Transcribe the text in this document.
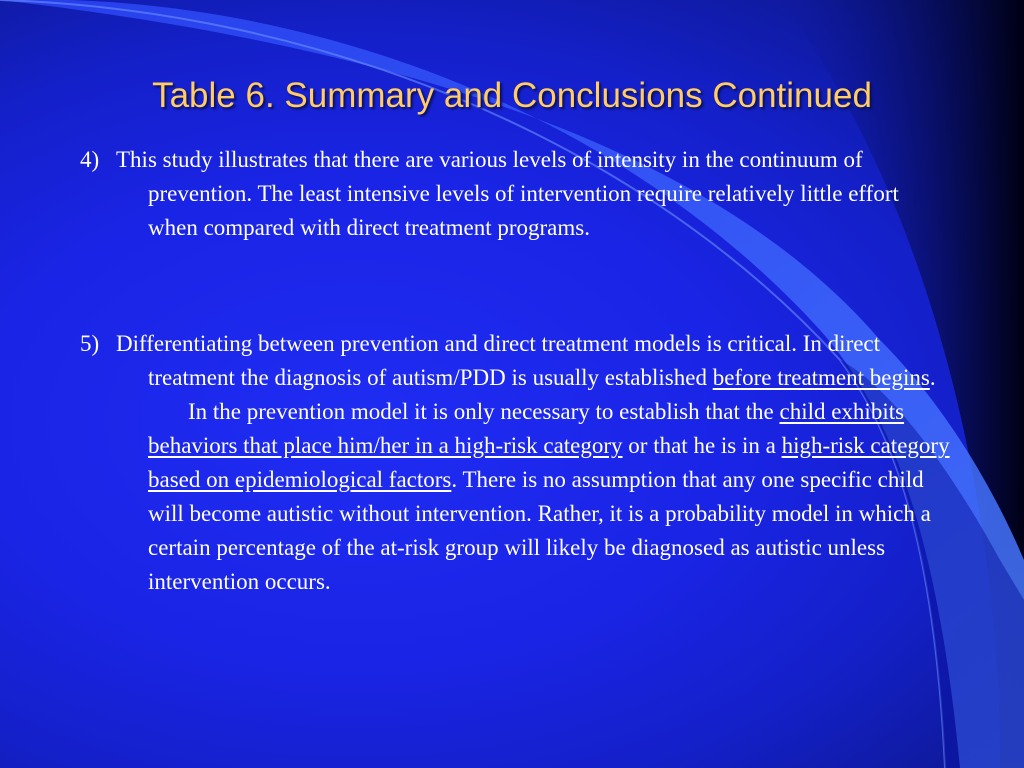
Table 6. Summary and Conclusions Continued

4) This study illustrates that there are various levels of intensity in the continuum of prevention. The least intensive levels of intervention require relatively little effort when compared with direct treatment programs.

5) Differentiating between prevention and direct treatment models is critical. In direct treatment the diagnosis of autism/PDD is usually established before treatment begins.

In the prevention model it is only necessary to establish that the child exhibits behaviors that place him/her in a high-risk category or that he is in a high-risk category based on epidemiological factors. There is no assumption that any one specific child will become autistic without intervention. Rather, it is a probability model in which a certain percentage of the at-risk group will likely be diagnosed as autistic unless intervention occurs.
